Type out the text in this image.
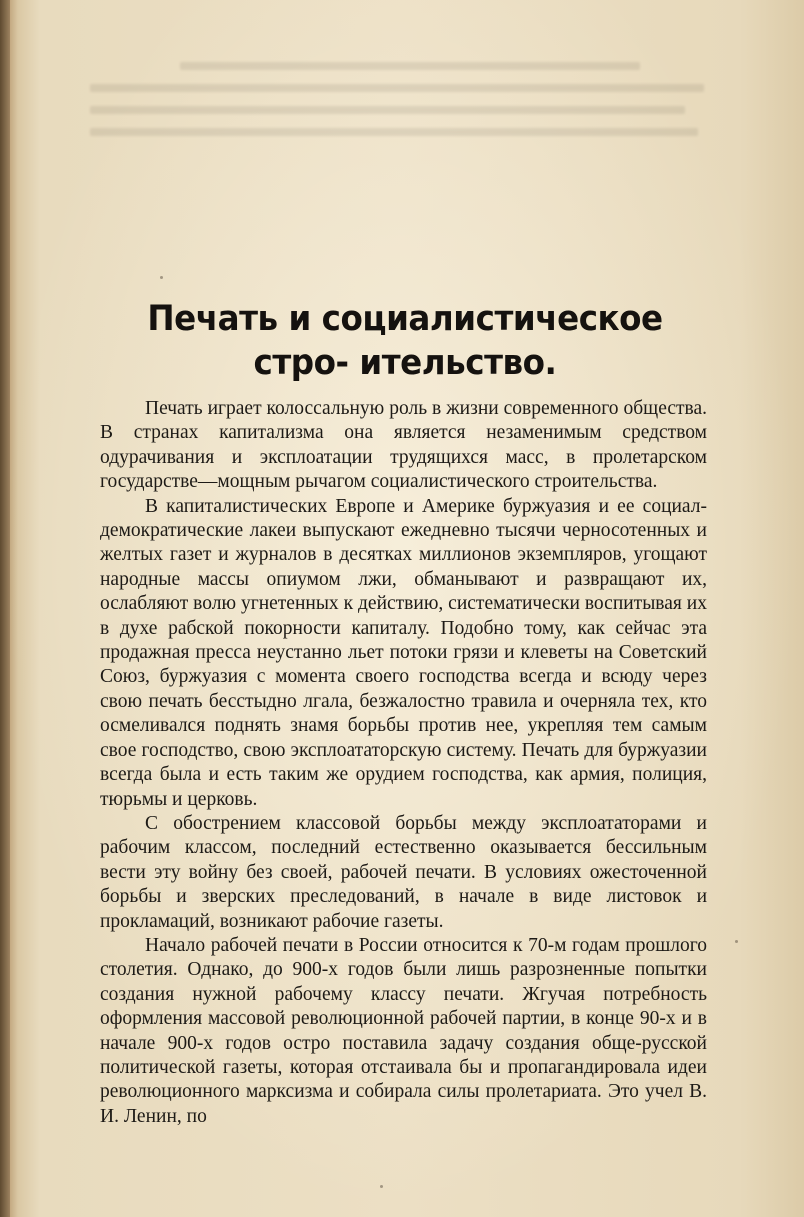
Печать и социалистическое стро- ительство.

Печать играет колоссальную роль в жизни современного общества. В странах капитализма она является незаменимым средством одурачивания и эксплоатации трудящихся масс, в пролетарском государстве—мощным рычагом социалистического строительства.

В капиталистических Европе и Америке буржуазия и ее социал-демократические лакеи выпускают ежедневно тысячи черносотенных и желтых газет и журналов в десятках миллионов экземпляров, угощают народные массы опиумом лжи, обманывают и развращают их, ослабляют волю угнетенных к действию, систематически воспитывая их в духе рабской покорности капиталу. Подобно тому, как сейчас эта продажная пресса неустанно льет потоки грязи и клеветы на Советский Союз, буржуазия с момента своего господства всегда и всюду через свою печать бесстыдно лгала, безжалостно травила и очерняла тех, кто осмеливался поднять знамя борьбы против нее, укрепляя тем самым свое господство, свою эксплоататорскую систему. Печать для буржуазии всегда была и есть таким же орудием господства, как армия, полиция, тюрьмы и церковь.

С обострением классовой борьбы между эксплоататорами и рабочим классом, последний естественно оказывается бессильным вести эту войну без своей, рабочей печати. В условиях ожесточенной борьбы и зверских преследований, в начале в виде листовок и прокламаций, возникают рабочие газеты.

Начало рабочей печати в России относится к 70-м годам прошлого столетия. Однако, до 900-х годов были лишь разрозненные попытки создания нужной рабочему классу печати. Жгучая потребность оформления массовой революционной рабочей партии, в конце 90-х и в начале 900-х годов остро поставила задачу создания обще-русской политической газеты, которая отстаивала бы и пропагандировала идеи революционного марксизма и собирала силы пролетариата. Это учел В. И. Ленин, по
